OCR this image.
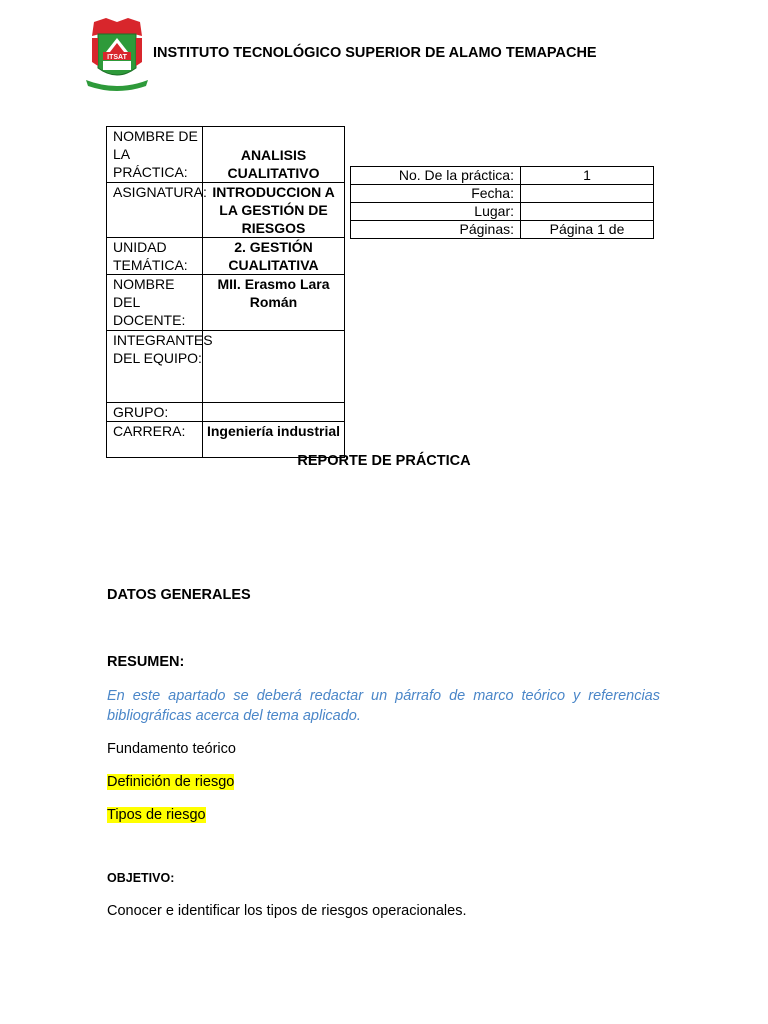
ITSAT INSTITUTO TECNOLÓGICO SUPERIOR DE ALAMO TEMAPACHE
NOMBRE DE LA PRÁCTICA:	ANALISIS CUALITATIVO
ASIGNATURA:	INTRODUCCION A LA GESTIÓN DE RIESGOS
UNIDAD TEMÁTICA:	2. GESTIÓN CUALITATIVA
NOMBRE DEL DOCENTE:	MII. Erasmo Lara Román
INTEGRANTES DEL EQUIPO:	
GRUPO:	
CARRERA:	Ingeniería industrial
No. De la práctica:	1
Fecha:	
Lugar:	
Páginas:	Página 1 de
REPORTE DE PRÁCTICA
DATOS GENERALES
RESUMEN:
En este apartado se deberá redactar un párrafo de marco teórico y referencias bibliográficas acerca del tema aplicado.
Fundamento teórico
Definición de riesgo
Tipos de riesgo
OBJETIVO:
Conocer e identificar los tipos de riesgos operacionales.
